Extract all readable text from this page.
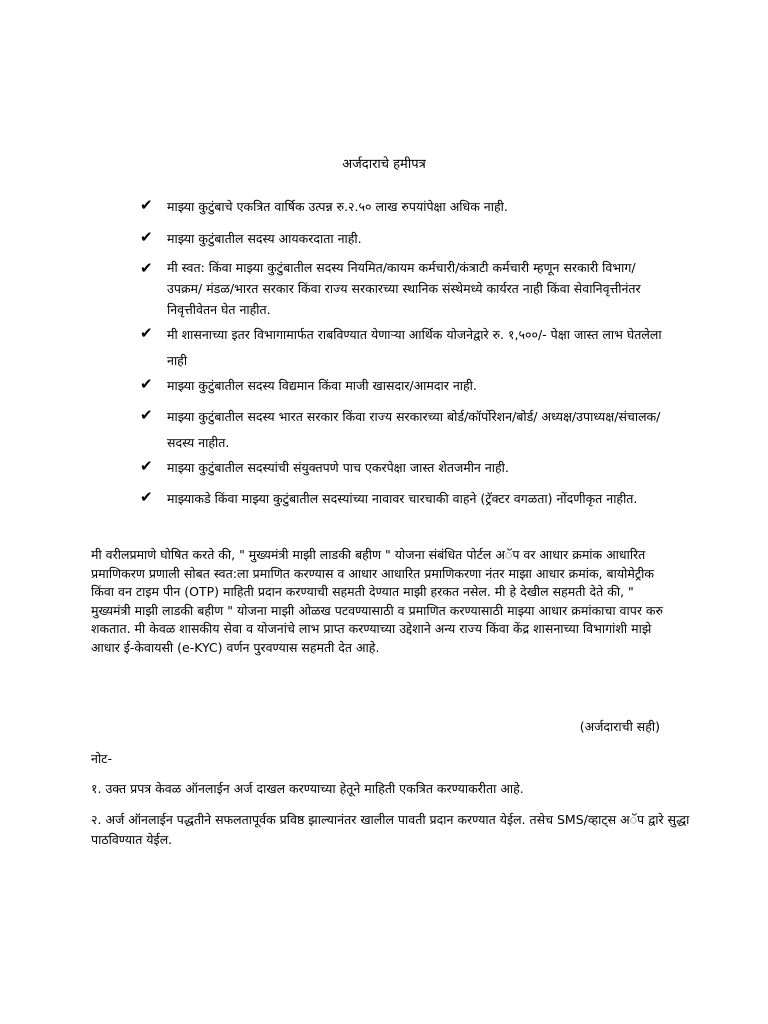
अर्जदाराचे हमीपत्र
✔	माझ्या कुटुंबाचे एकत्रित वार्षिक उत्पन्न रु.२.५० लाख रुपयांपेक्षा अधिक नाही.
✔	माझ्या कुटुंबातील सदस्य आयकरदाता नाही.
✔	मी स्वत: किंवा माझ्या कुटुंबातील सदस्य नियमित/कायम कर्मचारी/कंत्राटी कर्मचारी म्हणून सरकारी विभाग/ उपक्रम/ मंडळ/भारत सरकार किंवा राज्य सरकारच्या स्थानिक संस्थेमध्ये कार्यरत नाही किंवा सेवानिवृत्तीनंतर निवृत्तीवेतन घेत नाहीत.
✔	मी शासनाच्या इतर विभागामार्फत राबविण्यात येणाऱ्या आर्थिक योजनेद्वारे रु. १,५००/- पेक्षा जास्त लाभ घेतलेला नाही
✔	माझ्या कुटुंबातील सदस्य विद्यमान किंवा माजी खासदार/आमदार नाही.
✔	माझ्या कुटुंबातील सदस्य भारत सरकार किंवा राज्य सरकारच्या बोर्ड/कॉर्पोरेशन/बोर्ड/ अध्यक्ष/उपाध्यक्ष/संचालक/सदस्य नाहीत.
✔	माझ्या कुटुंबातील सदस्यांची संयुक्तपणे पाच एकरपेक्षा जास्त शेतजमीन नाही.
✔	माझ्याकडे किंवा माझ्या कुटुंबातील सदस्यांच्या नावावर चारचाकी वाहने (ट्रॅक्टर वगळता) नोंदणीकृत नाहीत.
मी वरीलप्रमाणे घोषित करते की, " मुख्यमंत्री माझी लाडकी बहीण " योजना संबंधित पोर्टल अॅप वर आधार क्रमांक आधारित प्रमाणिकरण प्रणाली सोबत स्वत:ला प्रमाणित करण्यास व आधार आधारित प्रमाणिकरणा नंतर माझा आधार क्रमांक, बायोमेट्रीक किंवा वन टाइम पीन (OTP) माहिती प्रदान करण्याची सहमती देण्यात माझी हरकत नसेल. मी हे देखील सहमती देते की, " मुख्यमंत्री माझी लाडकी बहीण " योजना माझी ओळख पटवण्यासाठी व प्रमाणित करण्यासाठी माझ्या आधार क्रमांकाचा वापर करु शकतात. मी केवळ शासकीय सेवा व योजनांचे लाभ प्राप्त करण्याच्या उद्देशाने अन्य राज्य किंवा केंद्र शासनाच्या विभागांशी माझे आधार ई-केवायसी (e-KYC) वर्णन पुरवण्यास सहमती देत आहे.
(अर्जदाराची सही)
नोट-
१. उक्त प्रपत्र केवळ ऑनलाईन अर्ज दाखल करण्याच्या हेतूने माहिती एकत्रित करण्याकरीता आहे.
२. अर्ज ऑनलाईन पद्धतीने सफलतापूर्वक प्रविष्ठ झाल्यानंतर खालील पावती प्रदान करण्यात येईल. तसेच SMS/व्हाट्स अॅप द्वारे सुद्धा पाठविण्यात येईल.
